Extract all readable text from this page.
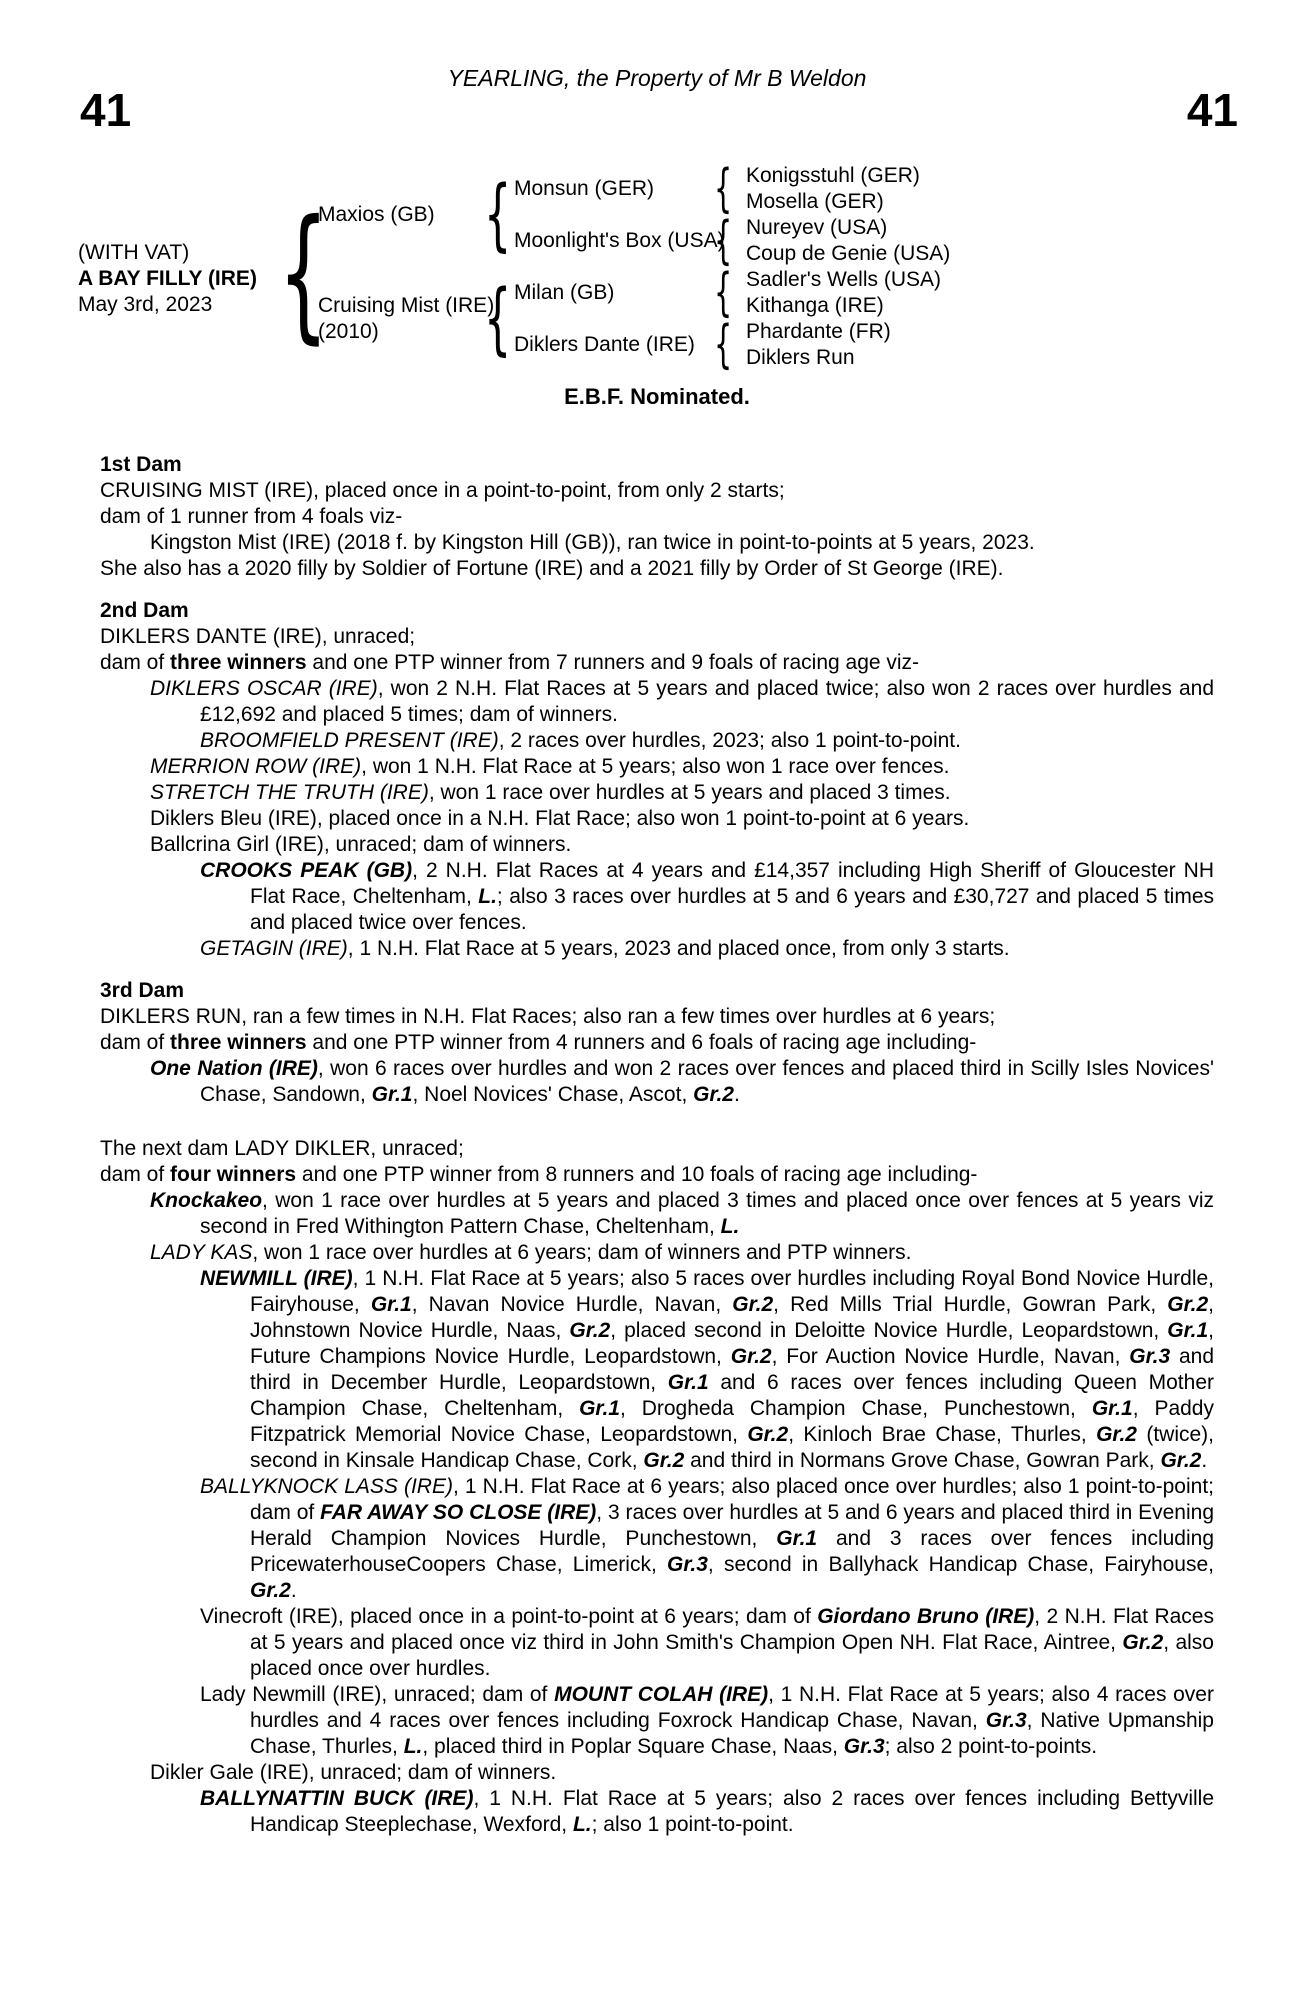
YEARLING, the Property of Mr B Weldon
41	41
(WITH VAT)
A BAY FILLY (IRE)
May 3rd, 2023
{
Maxios (GB)
Cruising Mist (IRE)
(2010)
{
{
Monsun (GER)
Moonlight's Box (USA)
Milan (GB)
Diklers Dante (IRE)
{
{
{
{
Konigsstuhl (GER)
Mosella (GER)
Nureyev (USA)
Coup de Genie (USA)
Sadler's Wells (USA)
Kithanga (IRE)
Phardante (FR)
Diklers Run
E.B.F. Nominated.
1st Dam
CRUISING MIST (IRE), placed once in a point-to-point, from only 2 starts;
dam of 1 runner from 4 foals viz-
Kingston Mist (IRE) (2018 f. by Kingston Hill (GB)), ran twice in point-to-points at 5 years, 2023.
She also has a 2020 filly by Soldier of Fortune (IRE) and a 2021 filly by Order of St George (IRE).
2nd Dam
DIKLERS DANTE (IRE), unraced;
dam of three winners and one PTP winner from 7 runners and 9 foals of racing age viz-
DIKLERS OSCAR (IRE), won 2 N.H. Flat Races at 5 years and placed twice; also won 2 races over hurdles and £12,692 and placed 5 times; dam of winners.
BROOMFIELD PRESENT (IRE), 2 races over hurdles, 2023; also 1 point-to-point.
MERRION ROW (IRE), won 1 N.H. Flat Race at 5 years; also won 1 race over fences.
STRETCH THE TRUTH (IRE), won 1 race over hurdles at 5 years and placed 3 times.
Diklers Bleu (IRE), placed once in a N.H. Flat Race; also won 1 point-to-point at 6 years.
Ballcrina Girl (IRE), unraced; dam of winners.
CROOKS PEAK (GB), 2 N.H. Flat Races at 4 years and £14,357 including High Sheriff of Gloucester NH Flat Race, Cheltenham, L.; also 3 races over hurdles at 5 and 6 years and £30,727 and placed 5 times and placed twice over fences.
GETAGIN (IRE), 1 N.H. Flat Race at 5 years, 2023 and placed once, from only 3 starts.
3rd Dam
DIKLERS RUN, ran a few times in N.H. Flat Races; also ran a few times over hurdles at 6 years;
dam of three winners and one PTP winner from 4 runners and 6 foals of racing age including-
One Nation (IRE), won 6 races over hurdles and won 2 races over fences and placed third in Scilly Isles Novices' Chase, Sandown, Gr.1, Noel Novices' Chase, Ascot, Gr.2.
The next dam LADY DIKLER, unraced;
dam of four winners and one PTP winner from 8 runners and 10 foals of racing age including-
Knockakeo, won 1 race over hurdles at 5 years and placed 3 times and placed once over fences at 5 years viz second in Fred Withington Pattern Chase, Cheltenham, L.
LADY KAS, won 1 race over hurdles at 6 years; dam of winners and PTP winners.
NEWMILL (IRE), 1 N.H. Flat Race at 5 years; also 5 races over hurdles including Royal Bond Novice Hurdle, Fairyhouse, Gr.1, Navan Novice Hurdle, Navan, Gr.2, Red Mills Trial Hurdle, Gowran Park, Gr.2, Johnstown Novice Hurdle, Naas, Gr.2, placed second in Deloitte Novice Hurdle, Leopardstown, Gr.1, Future Champions Novice Hurdle, Leopardstown, Gr.2, For Auction Novice Hurdle, Navan, Gr.3 and third in December Hurdle, Leopardstown, Gr.1 and 6 races over fences including Queen Mother Champion Chase, Cheltenham, Gr.1, Drogheda Champion Chase, Punchestown, Gr.1, Paddy Fitzpatrick Memorial Novice Chase, Leopardstown, Gr.2, Kinloch Brae Chase, Thurles, Gr.2 (twice), second in Kinsale Handicap Chase, Cork, Gr.2 and third in Normans Grove Chase, Gowran Park, Gr.2.
BALLYKNOCK LASS (IRE), 1 N.H. Flat Race at 6 years; also placed once over hurdles; also 1 point-to-point; dam of FAR AWAY SO CLOSE (IRE), 3 races over hurdles at 5 and 6 years and placed third in Evening Herald Champion Novices Hurdle, Punchestown, Gr.1 and 3 races over fences including PricewaterhouseCoopers Chase, Limerick, Gr.3, second in Ballyhack Handicap Chase, Fairyhouse, Gr.2.
Vinecroft (IRE), placed once in a point-to-point at 6 years; dam of Giordano Bruno (IRE), 2 N.H. Flat Races at 5 years and placed once viz third in John Smith's Champion Open NH. Flat Race, Aintree, Gr.2, also placed once over hurdles.
Lady Newmill (IRE), unraced; dam of MOUNT COLAH (IRE), 1 N.H. Flat Race at 5 years; also 4 races over hurdles and 4 races over fences including Foxrock Handicap Chase, Navan, Gr.3, Native Upmanship Chase, Thurles, L., placed third in Poplar Square Chase, Naas, Gr.3; also 2 point-to-points.
Dikler Gale (IRE), unraced; dam of winners.
BALLYNATTIN BUCK (IRE), 1 N.H. Flat Race at 5 years; also 2 races over fences including Bettyville Handicap Steeplechase, Wexford, L.; also 1 point-to-point.
